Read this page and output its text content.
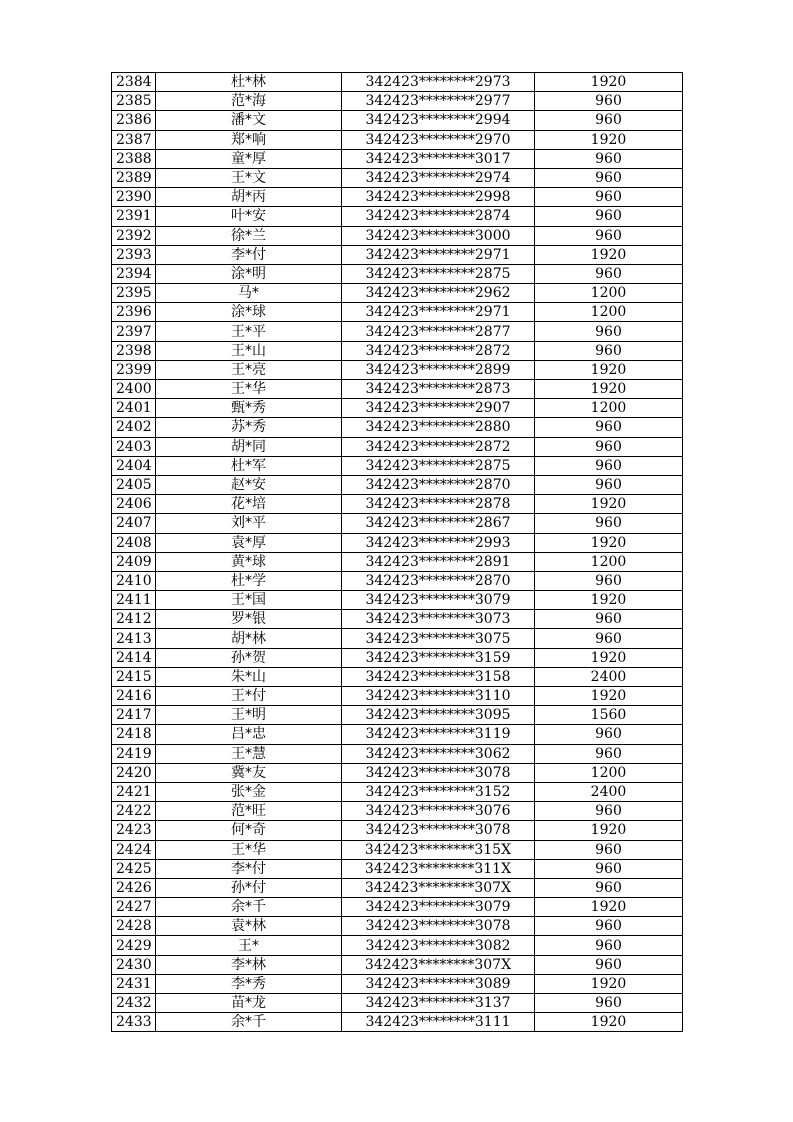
2384	杜*林	342423********2973	1920
2385	范*海	342423********2977	960
2386	潘*文	342423********2994	960
2387	郑*响	342423********2970	1920
2388	童*厚	342423********3017	960
2389	王*文	342423********2974	960
2390	胡*丙	342423********2998	960
2391	叶*安	342423********2874	960
2392	徐*兰	342423********3000	960
2393	李*付	342423********2971	1920
2394	涂*明	342423********2875	960
2395	马*	342423********2962	1200
2396	涂*球	342423********2971	1200
2397	王*平	342423********2877	960
2398	王*山	342423********2872	960
2399	王*亮	342423********2899	1920
2400	王*华	342423********2873	1920
2401	甄*秀	342423********2907	1200
2402	苏*秀	342423********2880	960
2403	胡*同	342423********2872	960
2404	杜*军	342423********2875	960
2405	赵*安	342423********2870	960
2406	花*培	342423********2878	1920
2407	刘*平	342423********2867	960
2408	袁*厚	342423********2993	1920
2409	黄*球	342423********2891	1200
2410	杜*学	342423********2870	960
2411	王*国	342423********3079	1920
2412	罗*银	342423********3073	960
2413	胡*林	342423********3075	960
2414	孙*贺	342423********3159	1920
2415	朱*山	342423********3158	2400
2416	王*付	342423********3110	1920
2417	王*明	342423********3095	1560
2418	吕*忠	342423********3119	960
2419	王*慧	342423********3062	960
2420	冀*友	342423********3078	1200
2421	张*金	342423********3152	2400
2422	范*旺	342423********3076	960
2423	何*奇	342423********3078	1920
2424	王*华	342423********315X	960
2425	李*付	342423********311X	960
2426	孙*付	342423********307X	960
2427	余*千	342423********3079	1920
2428	袁*林	342423********3078	960
2429	王*	342423********3082	960
2430	李*林	342423********307X	960
2431	李*秀	342423********3089	1920
2432	苗*龙	342423********3137	960
2433	余*千	342423********3111	1920
